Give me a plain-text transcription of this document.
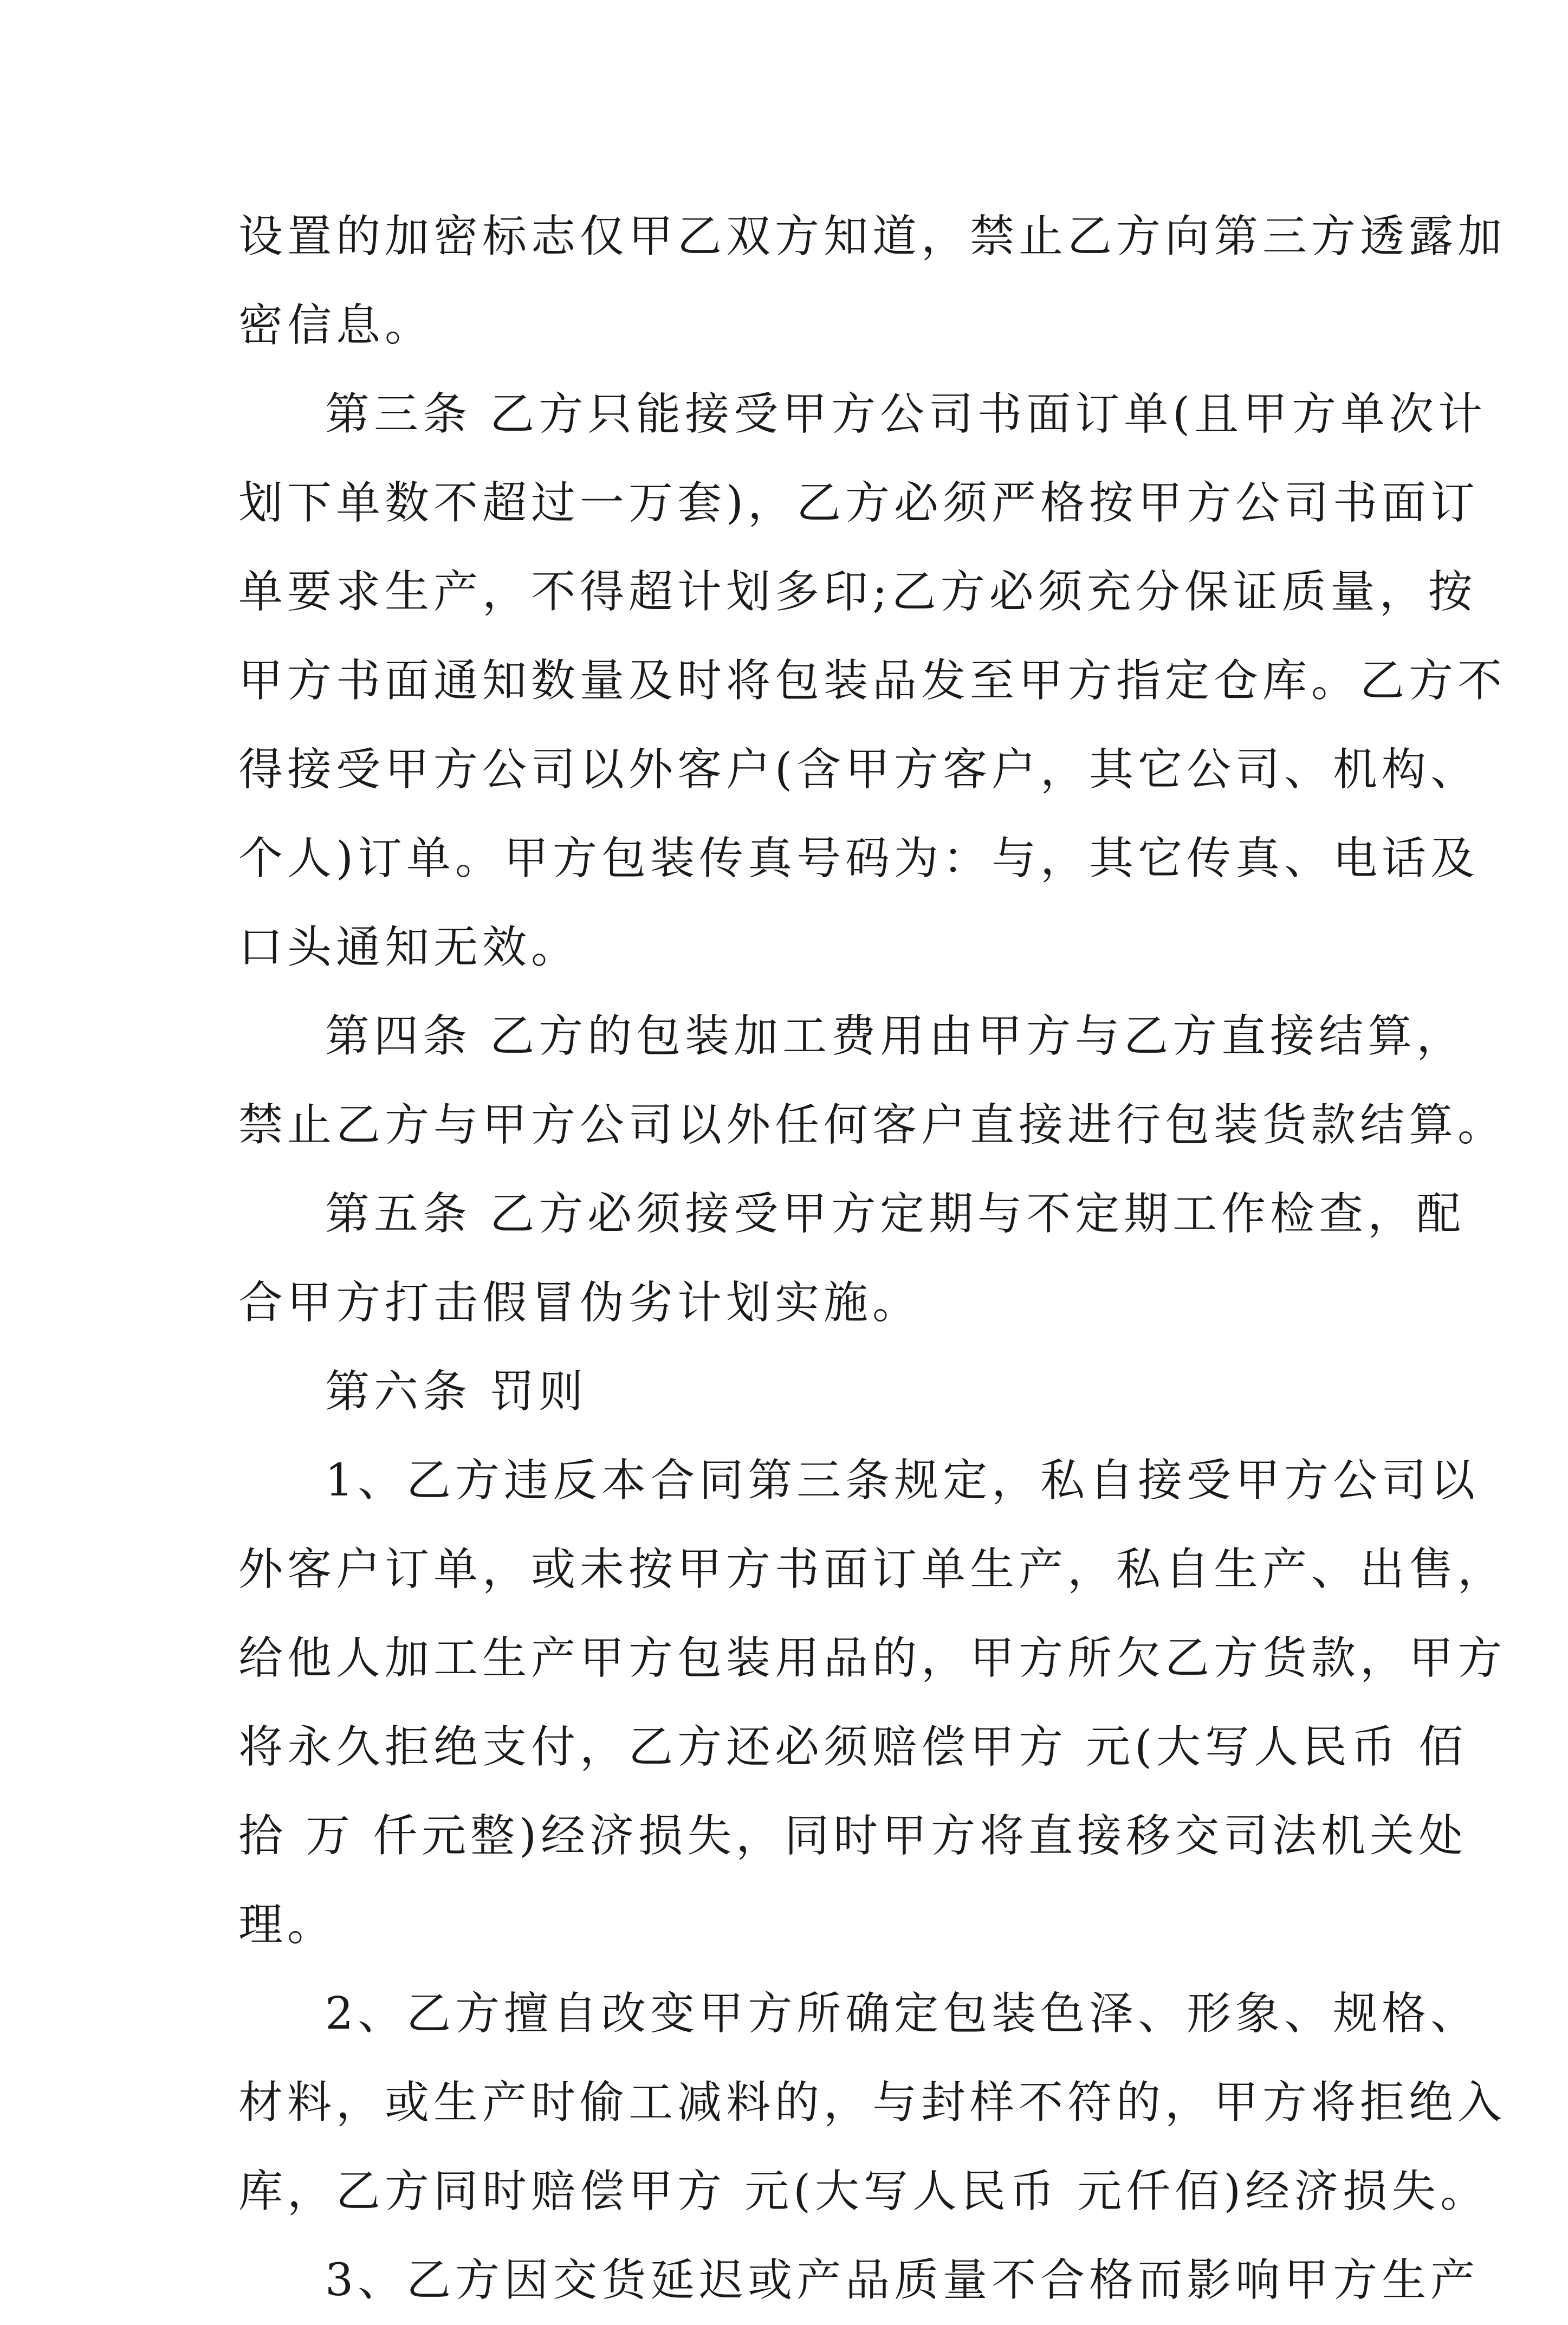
设置的加密标志仅甲乙双方知道，禁止乙方向第三方透露加
密信息。
第三条 乙方只能接受甲方公司书面订单(且甲方单次计
划下单数不超过一万套)，乙方必须严格按甲方公司书面订
单要求生产，不得超计划多印;乙方必须充分保证质量，按
甲方书面通知数量及时将包装品发至甲方指定仓库。乙方不
得接受甲方公司以外客户(含甲方客户，其它公司、机构、
个人)订单。甲方包装传真号码为：与，其它传真、电话及
口头通知无效。
第四条 乙方的包装加工费用由甲方与乙方直接结算，
禁止乙方与甲方公司以外任何客户直接进行包装货款结算。
第五条 乙方必须接受甲方定期与不定期工作检查，配
合甲方打击假冒伪劣计划实施。
第六条 罚则
1、乙方违反本合同第三条规定，私自接受甲方公司以
外客户订单，或未按甲方书面订单生产，私自生产、出售，
给他人加工生产甲方包装用品的，甲方所欠乙方货款，甲方
将永久拒绝支付，乙方还必须赔偿甲方 元(大写人民币 佰
拾 万 仟元整)经济损失，同时甲方将直接移交司法机关处
理。
2、乙方擅自改变甲方所确定包装色泽、形象、规格、
材料，或生产时偷工减料的，与封样不符的，甲方将拒绝入
库，乙方同时赔偿甲方 元(大写人民币 元仟佰)经济损失。
3、乙方因交货延迟或产品质量不合格而影响甲方生产
